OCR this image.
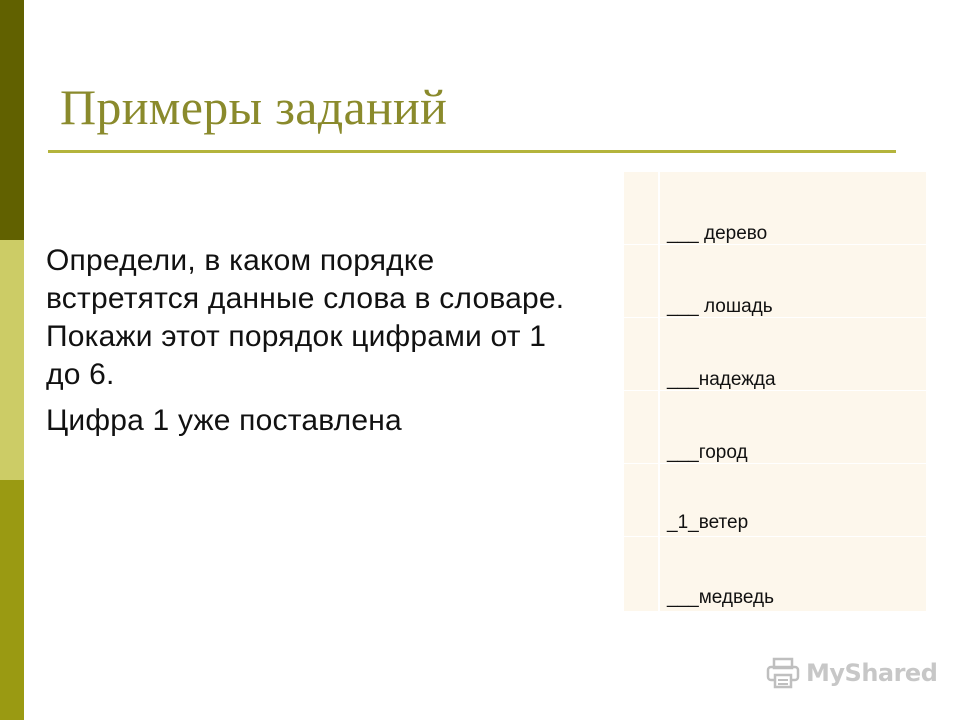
Примеры заданий
Определи, в каком порядке
встретятся данные слова в словаре.
Покажи этот порядок цифрами от 1
до 6.
Цифра 1 уже поставлена
___ дерево
___ лошадь
___надежда
___город
_1_ветер
___медведь
MyShared
